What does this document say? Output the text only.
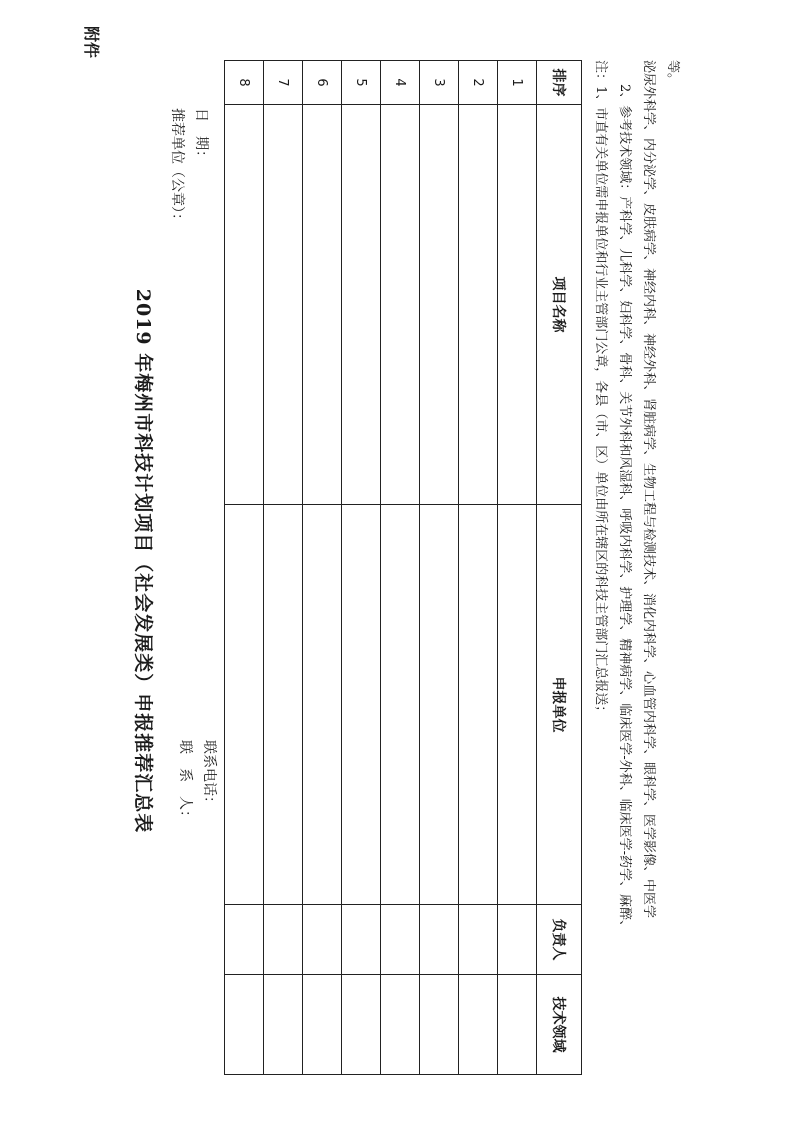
附件
2019 年梅州市科技计划项目（社会发展类）申报推荐汇总表
推荐单位（公章）： 日　期：
联　系　人： 联系电话：
排序	项目名称	申报单位	负责人	技术领域
1				
2				
3				
4				
5				
6				
7				
8					注：1、市直有关单位需申报单位和行业主管部门公章，各县（市、区）单位由所在辖区的科技主管部门汇总报送； 2、参考技术领域：产科学、儿科学、妇科学、骨科、关节外科和风湿科、呼吸内科学、护理学、精神病学、临床医学-外科、临床医学-药学、麻醉、 泌尿外科学、内分泌学、皮肤病学、神经内科、神经外科、肾脏病学、生物工程与检测技术、消化内科学、心血管内科学、眼科学、医学影像、中医学 等。
